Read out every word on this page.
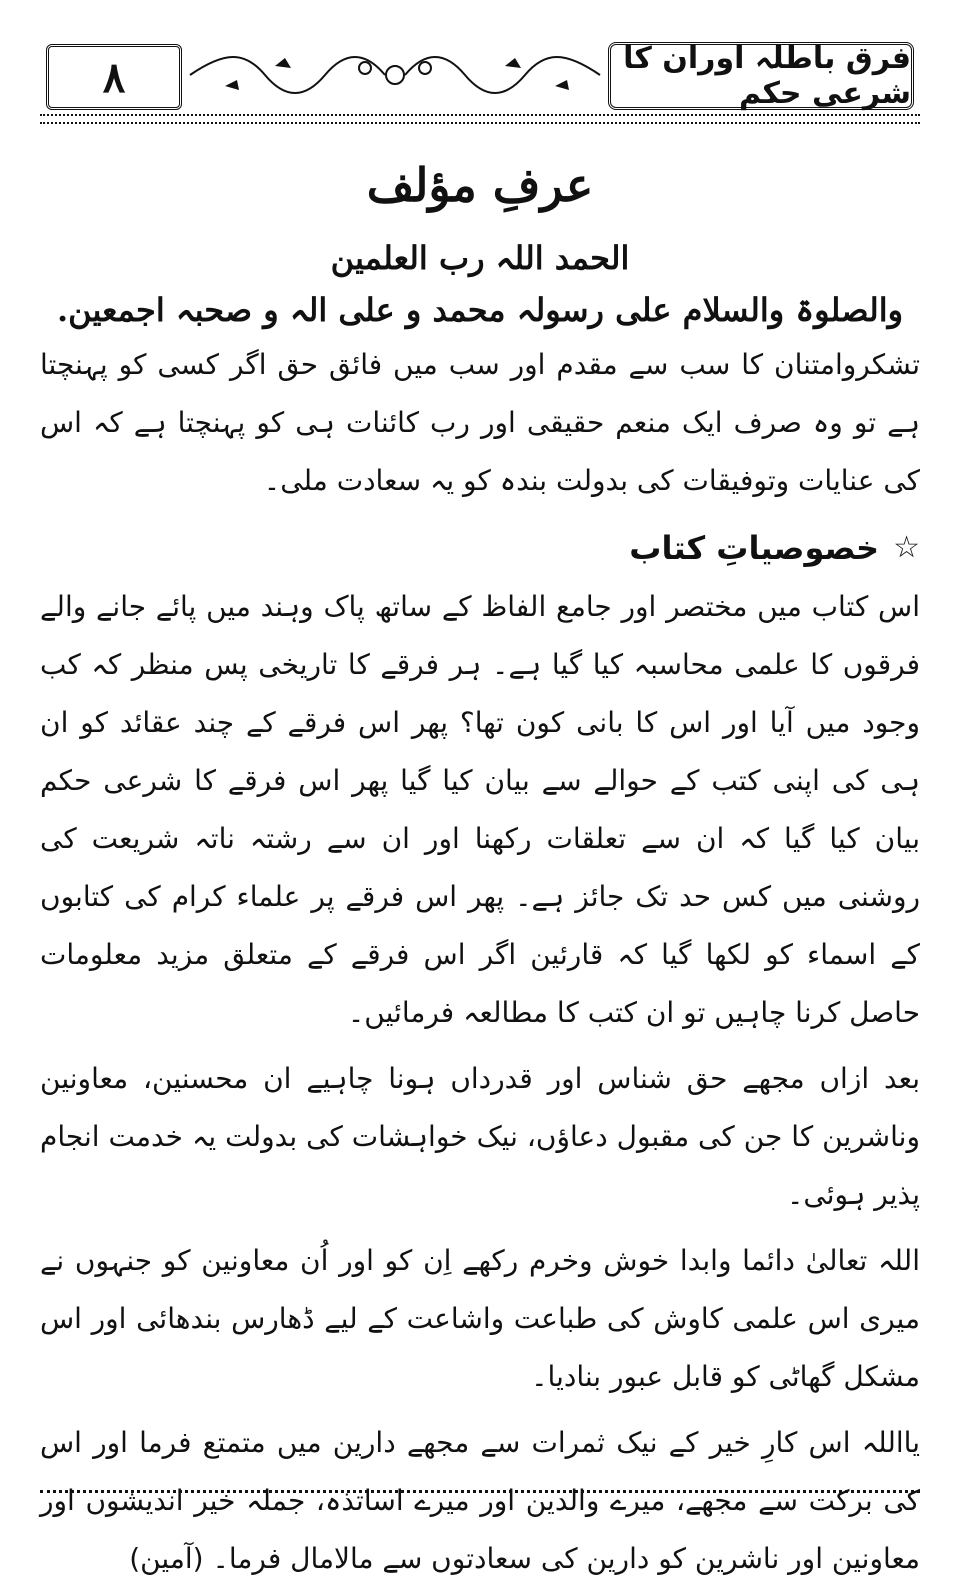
۸	فرق باطلہ اوران کا شرعی حکم
عرفِ مؤلف

الحمد اللہ رب العلمین

والصلوۃ والسلام علی رسولہ محمد و علی الہ و صحبہ اجمعین.

تشکروامتنان کا سب سے مقدم اور سب میں فائق حق اگر کسی کو پہنچتا ہے تو وہ صرف ایک منعم حقیقی اور رب کائنات ہی کو پہنچتا ہے کہ اس کی عنایات وتوفیقات کی بدولت بندہ کو یہ سعادت ملی۔

☆
خصوصیاتِ کتاب

اس کتاب میں مختصر اور جامع الفاظ کے ساتھ پاک وہند میں پائے جانے والے فرقوں کا علمی محاسبہ کیا گیا ہے۔ ہر فرقے کا تاریخی پس منظر کہ کب وجود میں آیا اور اس کا بانی کون تھا؟ پھر اس فرقے کے چند عقائد کو ان ہی کی اپنی کتب کے حوالے سے بیان کیا گیا پھر اس فرقے کا شرعی حکم بیان کیا گیا کہ ان سے تعلقات رکھنا اور ان سے رشتہ ناتہ شریعت کی روشنی میں کس حد تک جائز ہے۔ پھر اس فرقے پر علماء کرام کی کتابوں کے اسماء کو لکھا گیا کہ قارئین اگر اس فرقے کے متعلق مزید معلومات حاصل کرنا چاہیں تو ان کتب کا مطالعہ فرمائیں۔

بعد ازاں مجھے حق شناس اور قدرداں ہونا چاہیے ان محسنین، معاونین وناشرین کا جن کی مقبول دعاؤں، نیک خواہشات کی بدولت یہ خدمت انجام پذیر ہوئی۔

اللہ تعالیٰ دائما وابدا خوش وخرم رکھے اِن کو اور اُن معاونین کو جنہوں نے میری اس علمی کاوش کی طباعت واشاعت کے لیے ڈھارس بندھائی اور اس مشکل گھاٹی کو قابل عبور بنادیا۔

یااللہ اس کارِ خیر کے نیک ثمرات سے مجھے دارین میں متمتع فرما اور اس کی برکت سے مجھے، میرے والدین اور میرے اساتذہ، جملہ خیر اندیشوں اور معاونین اور ناشرین کو دارین کی سعادتوں سے مالامال فرما۔ (آمین)
